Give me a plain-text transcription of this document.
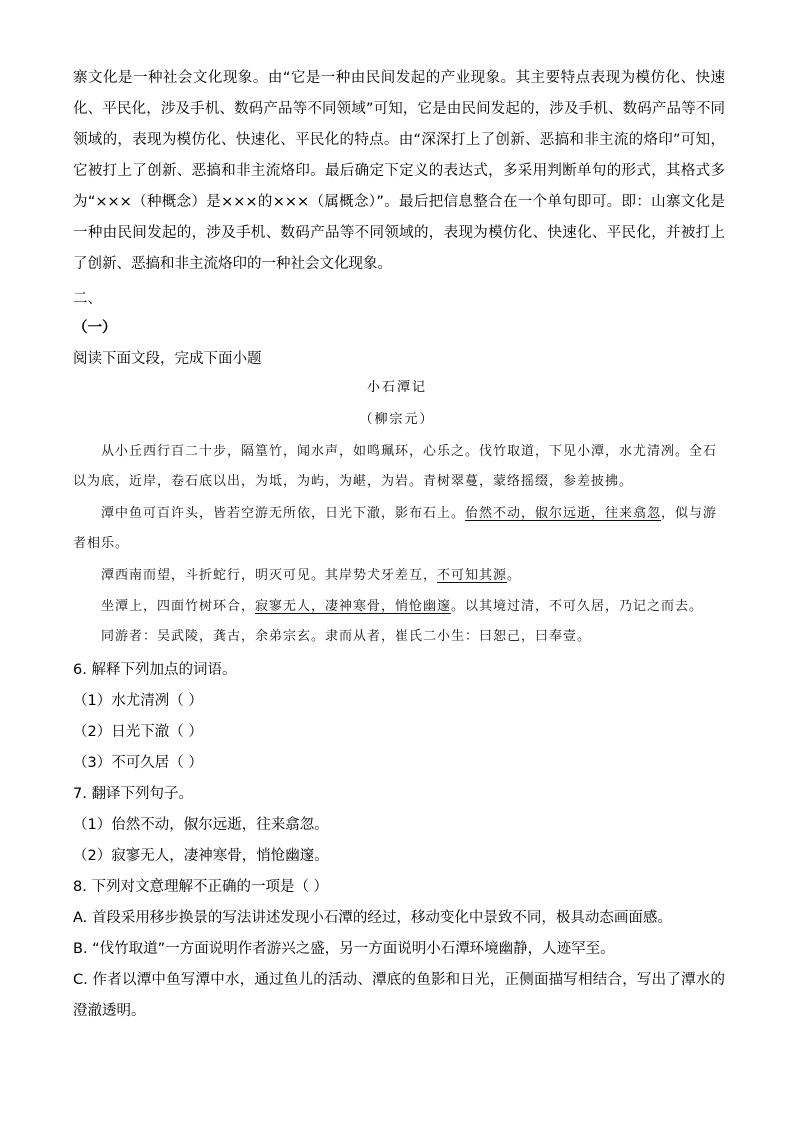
寨文化是一种社会文化现象。由“它是一种由民间发起的产业现象。其主要特点表现为模仿化、快速化、平民化，涉及手机、数码产品等不同领域”可知，它是由民间发起的，涉及手机、数码产品等不同领域的，表现为模仿化、快速化、平民化的特点。由“深深打上了创新、恶搞和非主流的烙印”可知，它被打上了创新、恶搞和非主流烙印。最后确定下定义的表达式，多采用判断单句的形式，其格式多为“×××（种概念）是×××的×××（属概念）”。最后把信息整合在一个单句即可。即：山寨文化是一种由民间发起的，涉及手机、数码产品等不同领域的，表现为模仿化、快速化、平民化，并被打上了创新、恶搞和非主流烙印的一种社会文化现象。

二、

（一）

阅读下面文段，完成下面小题

小石潭记
（柳宗元）

从小丘西行百二十步，隔篁竹，闻水声，如鸣珮环，心乐之。伐竹取道，下见小潭，水尤清冽。全石以为底，近岸，卷石底以出，为坻，为屿，为嵁，为岩。青树翠蔓，蒙络摇缀，参差披拂。

潭中鱼可百许头，皆若空游无所依，日光下澈，影布石上。佁然不动，俶尔远逝，往来翕忽，似与游者相乐。

潭西南而望，斗折蛇行，明灭可见。其岸势犬牙差互，不可知其源。

坐潭上，四面竹树环合，寂寥无人，凄神寒骨，悄怆幽邃。以其境过清，不可久居，乃记之而去。

同游者：吴武陵，龚古，余弟宗玄。隶而从者，崔氏二小生：曰恕己，曰奉壹。

6. 解释下列加点的词语。

（1）水尤清冽（ ）

（2）日光下澈（ ）

（3）不可久居（ ）

7. 翻译下列句子。

（1）佁然不动，俶尔远逝，往来翕忽。

（2）寂寥无人，凄神寒骨，悄怆幽邃。

8. 下列对文意理解不正确的一项是（ ）

A. 首段采用移步换景的写法讲述发现小石潭的经过，移动变化中景致不同，极具动态画面感。

B. “伐竹取道”一方面说明作者游兴之盛，另一方面说明小石潭环境幽静，人迹罕至。

C. 作者以潭中鱼写潭中水，通过鱼儿的活动、潭底的鱼影和日光，正侧面描写相结合，写出了潭水的澄澈透明。
